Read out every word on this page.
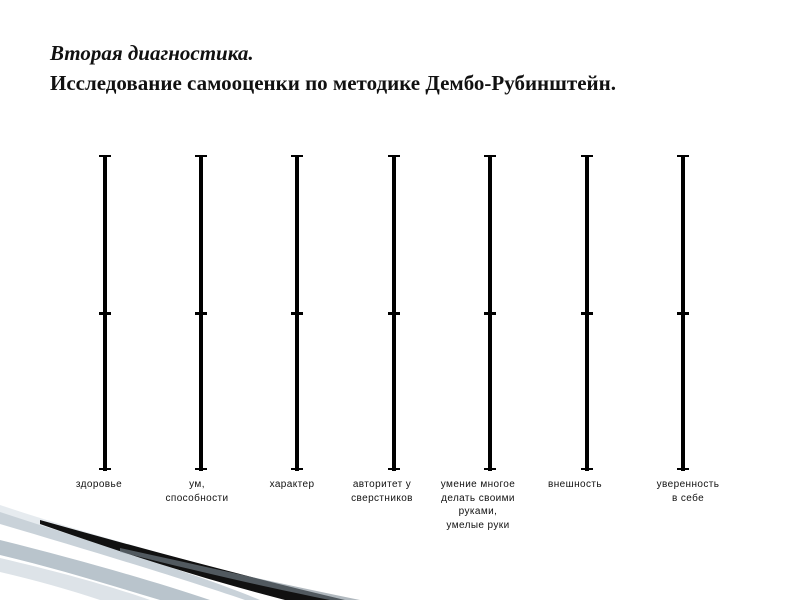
Вторая диагностика.
Исследование самооценки по методике Дембо-Рубинштейн.
здоровье	ум,
способности
характер	авторитет у
сверстников
умение многое
делать своими
руками,
умелые руки
внешность	уверенность
в себе
